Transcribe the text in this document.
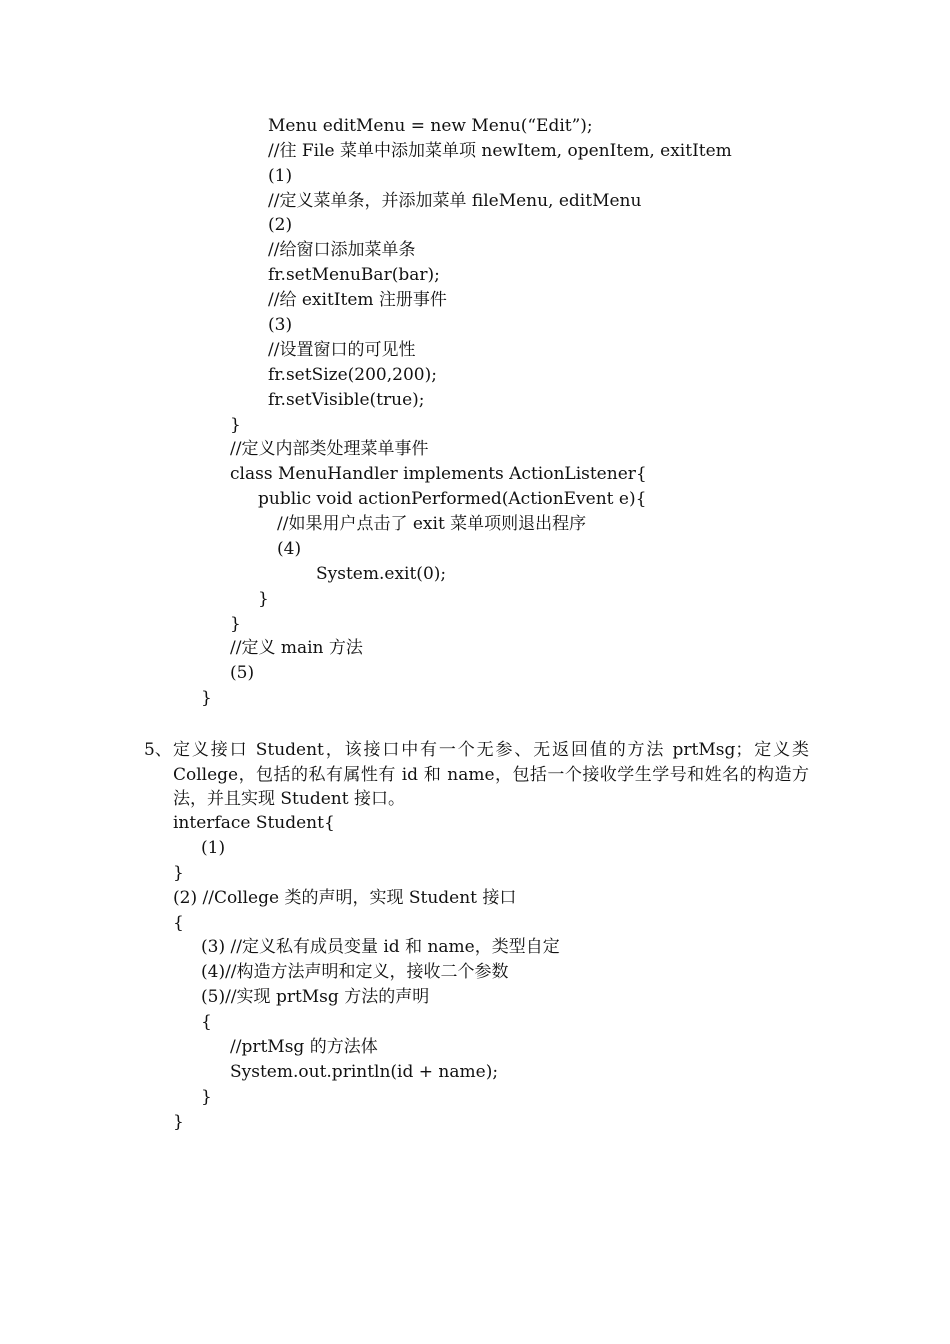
Menu editMenu = new Menu(“Edit”);
//往 File 菜单中添加菜单项 newItem, openItem, exitItem
(1)
//定义菜单条，并添加菜单 fileMenu, editMenu
(2)
//给窗口添加菜单条
fr.setMenuBar(bar);
//给 exitItem 注册事件
(3)
//设置窗口的可见性
fr.setSize(200,200);
fr.setVisible(true);
}
//定义内部类处理菜单事件
class MenuHandler implements ActionListener{
public void actionPerformed(ActionEvent e){
//如果用户点击了 exit 菜单项则退出程序
(4)
System.exit(0);
}
}
//定义 main 方法
(5)
}
5、 定义接口 Student，该接口中有一个无参、无返回值的方法 prtMsg；定义类 College，包括的私有属性有 id 和 name，包括一个接收学生学号和姓名的构造方法，并且实现 Student 接口。
interface Student{
(1)
}
(2) //College 类的声明，实现 Student 接口
{
(3) //定义私有成员变量 id 和 name，类型自定
(4)//构造方法声明和定义，接收二个参数
(5)//实现 prtMsg 方法的声明
{
//prtMsg 的方法体
System.out.println(id + name);
}
}
